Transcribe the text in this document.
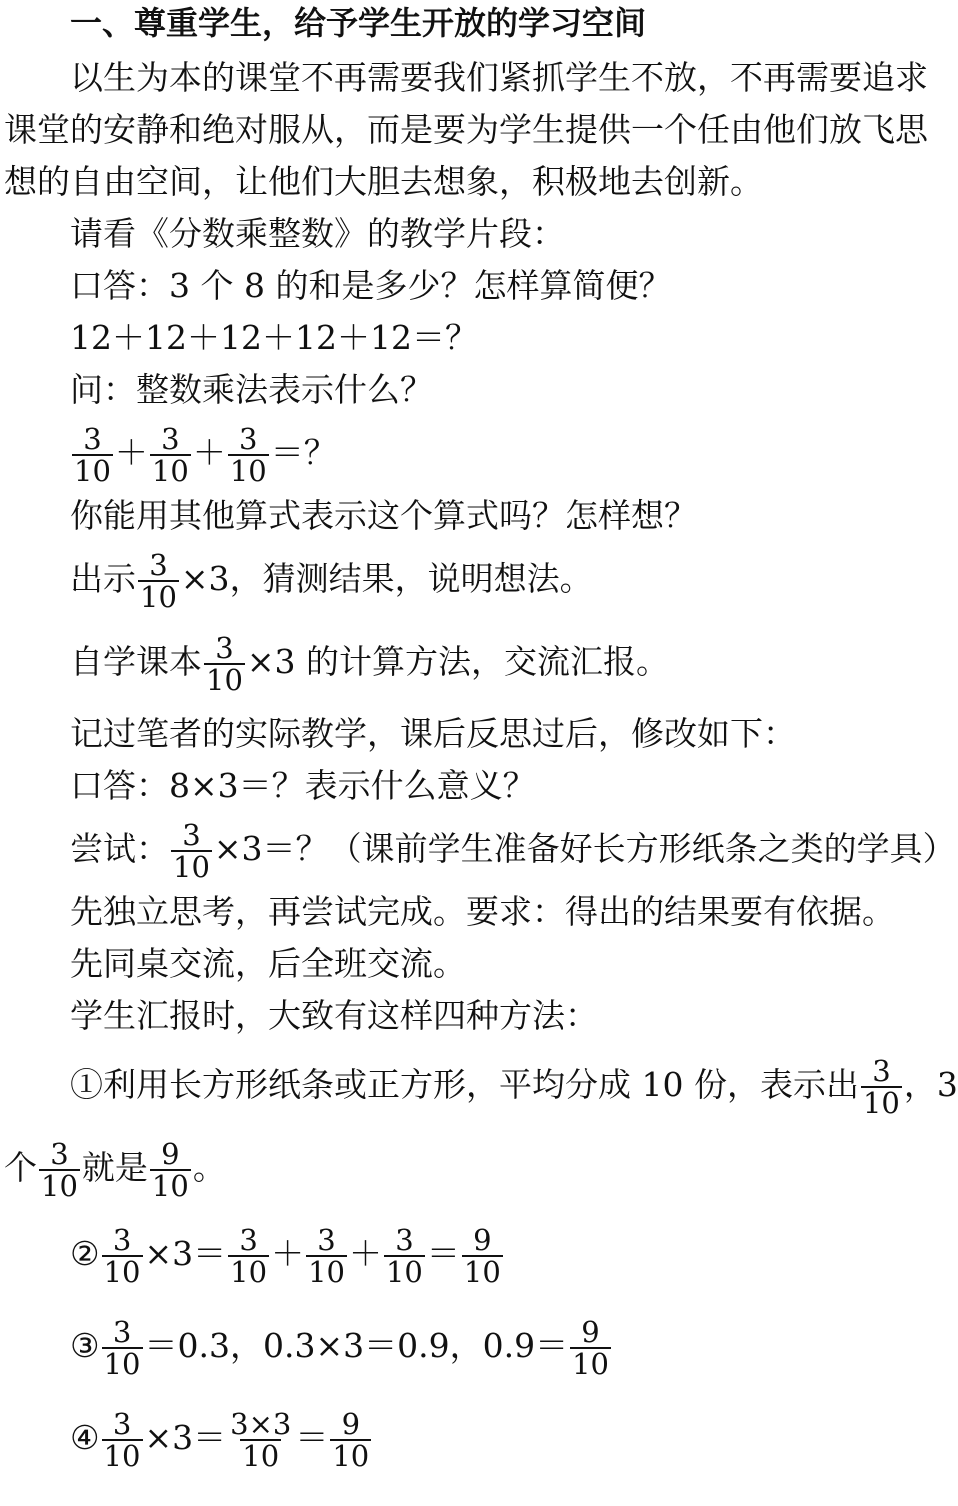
一、尊重学生，给予学生开放的学习空间
以生为本的课堂不再需要我们紧抓学生不放，不再需要追求课堂的安静和绝对服从，而是要为学生提供一个任由他们放飞思想的自由空间，让他们大胆去想象，积极地去创新。
请看《分数乘整数》的教学片段：
口答：3 个 8 的和是多少？怎样算简便？
12＋12＋12＋12＋12＝？
问：整数乘法表示什么？
$\frac{3}{10} + \frac{3}{10} + \frac{3}{10}$ ＝？
你能用其他算式表示这个算式吗？怎样想？
出示 $\frac{3}{10} \times 3$，猜测结果，说明想法。
自学课本 $\frac{3}{10} \times 3$ 的计算方法，交流汇报。
记过笔者的实际教学，课后反思过后，修改如下：
口答：8×3＝？表示什么意义？
尝试： $\frac{3}{10} \times 3=$？（课前学生准备好长方形纸条之类的学具）
先独立思考，再尝试完成。要求：得出的结果要有依据。
先同桌交流，后全班交流。
学生汇报时，大致有这样四种方法：
①利用长方形纸条或正方形，平均分成 10 份，表示出 $\frac{3}{10}$ ，3
个 $\frac{3}{10}$ 就是 $\frac{9}{10}$ 。
② $\frac{3}{10} \times 3= \frac{3}{10} + \frac{3}{10} + \frac{3}{10} = \frac{9}{10}$
③ $\frac{3}{10} =0.3$，0.3×3＝0.9，$0.9= \frac{9}{10}$
④ $\frac{3}{10} \times 3= \frac{3\times 3}{10} = \frac{9}{10}$
